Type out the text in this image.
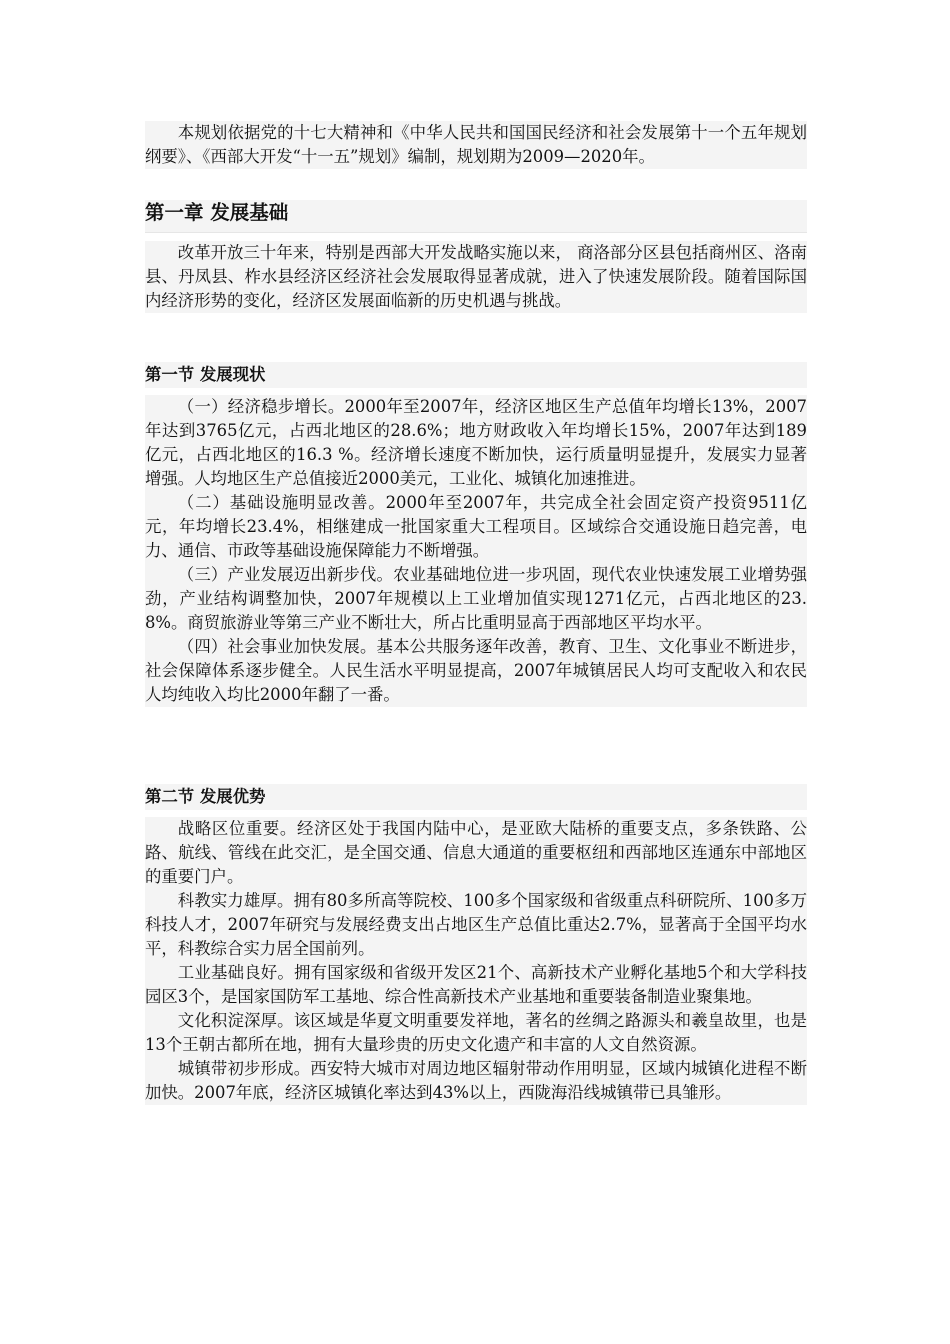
本规划依据党的十七大精神和《中华人民共和国国民经济和社会发展第十一个五年规划纲要》、《西部大开发“十一五”规划》编制，规划期为2009—2020年。

第一章 发展基础

改革开放三十年来，特别是西部大开发战略实施以来， 商洛部分区县包括商州区、洛南县、丹凤县、柞水县经济区经济社会发展取得显著成就，进入了快速发展阶段。随着国际国内经济形势的变化，经济区发展面临新的历史机遇与挑战。

第一节 发展现状

（一）经济稳步增长。2000年至2007年，经济区地区生产总值年均增长13%，2007年达到3765亿元，占西北地区的28.6%；地方财政收入年均增长15%，2007年达到189亿元，占西北地区的16.3 %。经济增长速度不断加快，运行质量明显提升，发展实力显著增强。人均地区生产总值接近2000美元，工业化、城镇化加速推进。

（二）基础设施明显改善。2000年至2007年，共完成全社会固定资产投资9511亿元，年均增长23.4%，相继建成一批国家重大工程项目。区域综合交通设施日趋完善，电力、通信、市政等基础设施保障能力不断增强。

（三）产业发展迈出新步伐。农业基础地位进一步巩固，现代农业快速发展工业增势强劲，产业结构调整加快，2007年规模以上工业增加值实现1271亿元，占西北地区的23.8%。商贸旅游业等第三产业不断壮大，所占比重明显高于西部地区平均水平。

（四）社会事业加快发展。基本公共服务逐年改善，教育、卫生、文化事业不断进步，社会保障体系逐步健全。人民生活水平明显提高，2007年城镇居民人均可支配收入和农民人均纯收入均比2000年翻了一番。

第二节 发展优势

战略区位重要。经济区处于我国内陆中心，是亚欧大陆桥的重要支点，多条铁路、公路、航线、管线在此交汇，是全国交通、信息大通道的重要枢纽和西部地区连通东中部地区的重要门户。

科教实力雄厚。拥有80多所高等院校、100多个国家级和省级重点科研院所、100多万科技人才，2007年研究与发展经费支出占地区生产总值比重达2.7%，显著高于全国平均水平，科教综合实力居全国前列。

工业基础良好。拥有国家级和省级开发区21个、高新技术产业孵化基地5个和大学科技园区3个，是国家国防军工基地、综合性高新技术产业基地和重要装备制造业聚集地。

文化积淀深厚。该区域是华夏文明重要发祥地，著名的丝绸之路源头和羲皇故里，也是13个王朝古都所在地，拥有大量珍贵的历史文化遗产和丰富的人文自然资源。

城镇带初步形成。西安特大城市对周边地区辐射带动作用明显，区域内城镇化进程不断加快。2007年底，经济区城镇化率达到43%以上，西陇海沿线城镇带已具雏形。
